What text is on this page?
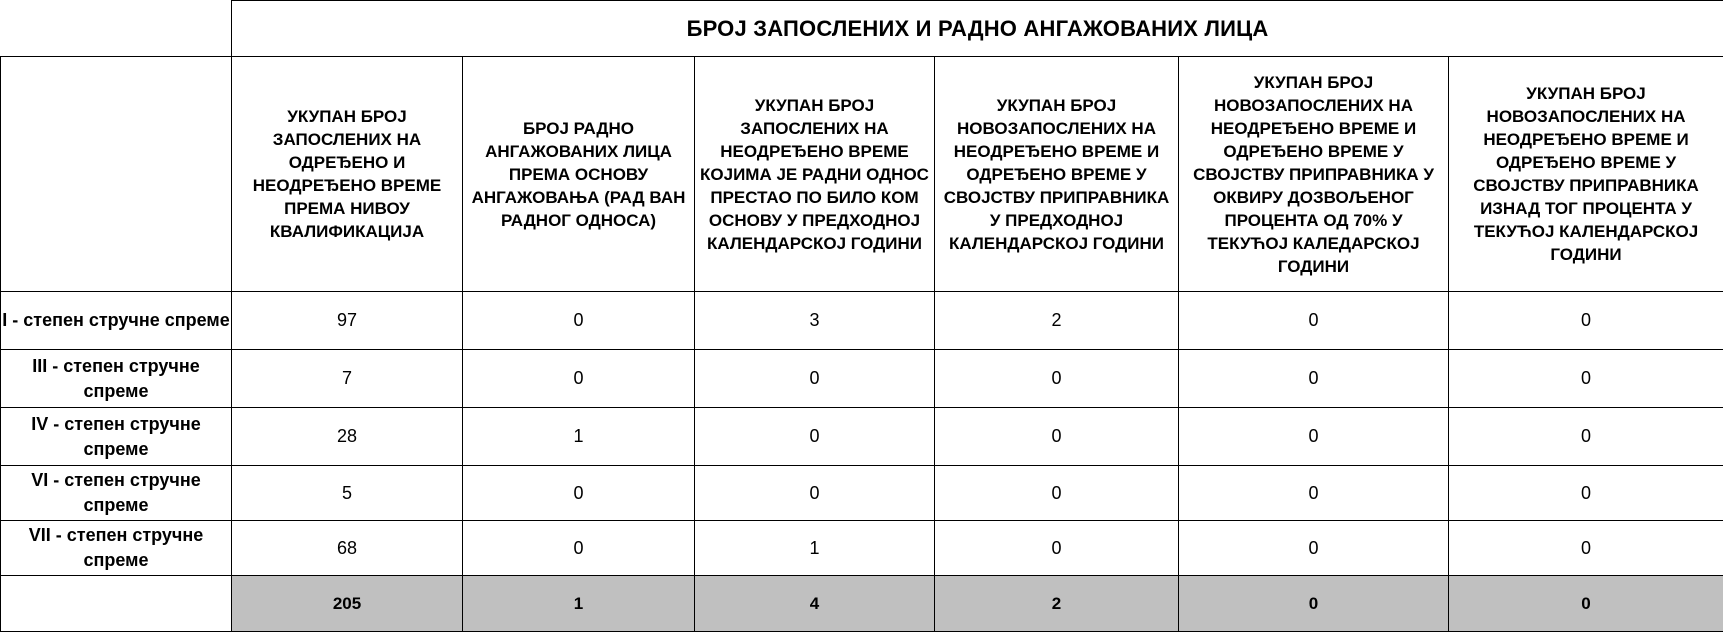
	БРОЈ ЗАПОСЛЕНИХ И РАДНО АНГАЖОВАНИХ ЛИЦА					
	УКУПАН БРОЈ ЗАПОСЛЕНИХ НА ОДРЕЂЕНО И НЕОДРЕЂЕНО ВРЕМЕ ПРЕМА НИВОУ КВАЛИФИКАЦИЈА	БРОЈ РАДНО АНГАЖОВАНИХ ЛИЦА ПРЕМА ОСНОВУ АНГАЖОВАЊА (РАД ВАН РАДНОГ ОДНОСА)	УКУПАН БРОЈ ЗАПОСЛЕНИХ НА НЕОДРЕЂЕНО ВРЕМЕ КОЈИМА ЈЕ РАДНИ ОДНОС ПРЕСТАО ПО БИЛО КОМ ОСНОВУ У ПРЕДХОДНОЈ КАЛЕНДАРСКОЈ ГОДИНИ	УКУПАН БРОЈ НОВОЗАПОСЛЕНИХ НА НЕОДРЕЂЕНО ВРЕМЕ И ОДРЕЂЕНО ВРЕМЕ У СВОЈСТВУ ПРИПРАВНИКА У ПРЕДХОДНОЈ КАЛЕНДАРСКОЈ ГОДИНИ	УКУПАН БРОЈ НОВОЗАПОСЛЕНИХ НА НЕОДРЕЂЕНО ВРЕМЕ И ОДРЕЂЕНО ВРЕМЕ У СВОЈСТВУ ПРИПРАВНИКА У ОКВИРУ ДОЗВОЉЕНОГ ПРОЦЕНТА ОД 70% У ТЕКУЋОЈ КАЛЕДАРСКОЈ ГОДИНИ	УКУПАН БРОЈ НОВОЗАПОСЛЕНИХ НА НЕОДРЕЂЕНО ВРЕМЕ И ОДРЕЂЕНО ВРЕМЕ У СВОЈСТВУ ПРИПРАВНИКА ИЗНАД ТОГ ПРОЦЕНТА У ТЕКУЋОЈ КАЛЕНДАРСКОЈ ГОДИНИ
I - степен стручне спреме	97	0	3	2	0	0
III - степен стручне спреме	7	0	0	0	0	0
IV - степен стручне спреме	28	1	0	0	0	0
VI - степен стручне спреме	5	0	0	0	0	0
VII - степен стручне спреме	68	0	1	0	0	0
	205	1	4	2	0	0
